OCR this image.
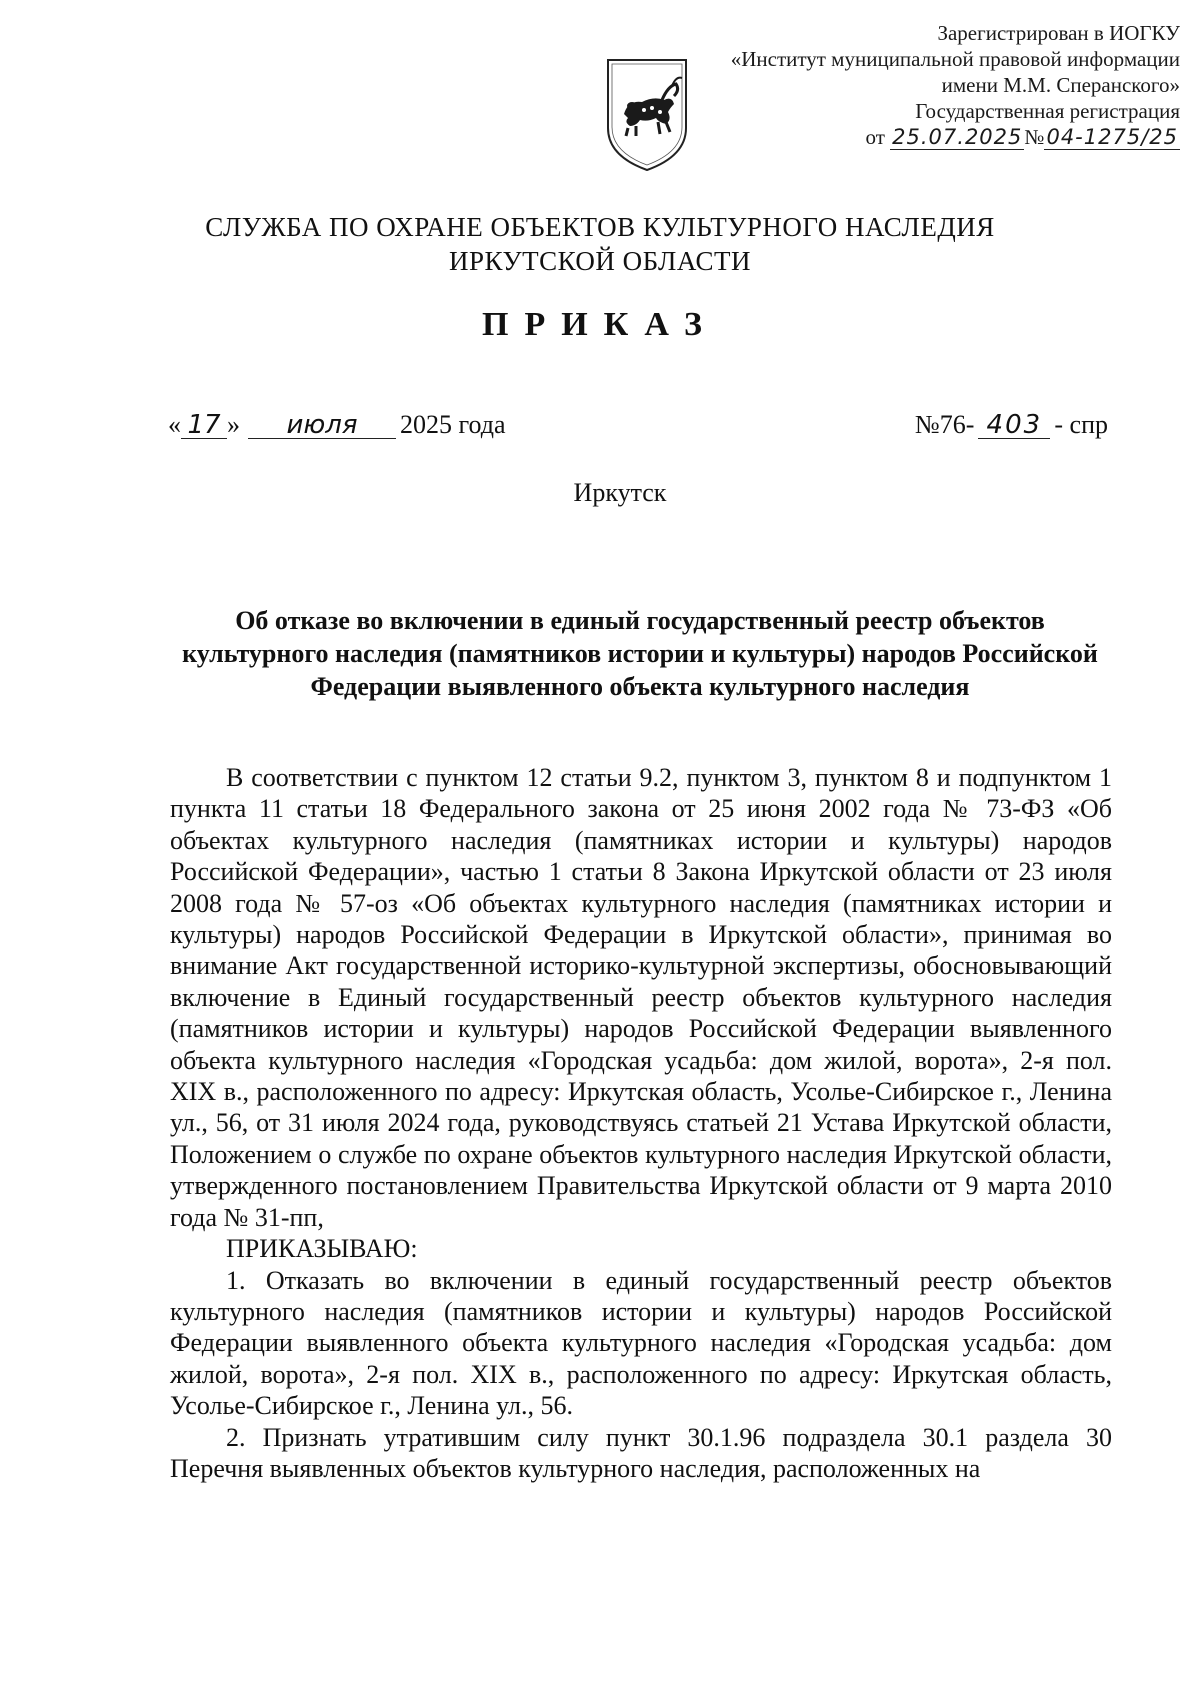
Зарегистрирован в ИОГКУ
«Институт муниципальной правовой информации
имени М.М. Сперанского»
Государственная регистрация
от 25.07.2025№04-1275/25
СЛУЖБА ПО ОХРАНЕ ОБЪЕКТОВ КУЛЬТУРНОГО НАСЛЕДИЯ
ИРКУТСКОЙ ОБЛАСТИ
ПРИКАЗ
« 17 » июля 2025 года	№76- 403 - спр
Иркутск
Об отказе во включении в единый государственный реестр объектов культурного наследия (памятников истории и культуры) народов Российской Федерации выявленного объекта культурного наследия

В соответствии с пунктом 12 статьи 9.2, пунктом 3, пунктом 8 и подпунктом 1 пункта 11 статьи 18 Федерального закона от 25 июня 2002 года № 73-ФЗ «Об объектах культурного наследия (памятниках истории и культуры) народов Российской Федерации», частью 1 статьи 8 Закона Иркутской области от 23 июля 2008 года № 57-оз «Об объектах культурного наследия (памятниках истории и культуры) народов Российской Федерации в Иркутской области», принимая во внимание Акт государственной историко-культурной экспертизы, обосновывающий включение в Единый государственный реестр объектов культурного наследия (памятников истории и культуры) народов Российской Федерации выявленного объекта культурного наследия «Городская усадьба: дом жилой, ворота», 2-я пол. XIX в., расположенного по адресу: Иркутская область, Усолье-Сибирское г., Ленина ул., 56, от 31 июля 2024 года, руководствуясь статьей 21 Устава Иркутской области, Положением о службе по охране объектов культурного наследия Иркутской области, утвержденного постановлением Правительства Иркутской области от 9 марта 2010 года № 31-пп,

ПРИКАЗЫВАЮ:

1. Отказать во включении в единый государственный реестр объектов культурного наследия (памятников истории и культуры) народов Российской Федерации выявленного объекта культурного наследия «Городская усадьба: дом жилой, ворота», 2-я пол. XIX в., расположенного по адресу: Иркутская область, Усолье-Сибирское г., Ленина ул., 56.

2. Признать утратившим силу пункт 30.1.96 подраздела 30.1 раздела 30 Перечня выявленных объектов культурного наследия, расположенных на
